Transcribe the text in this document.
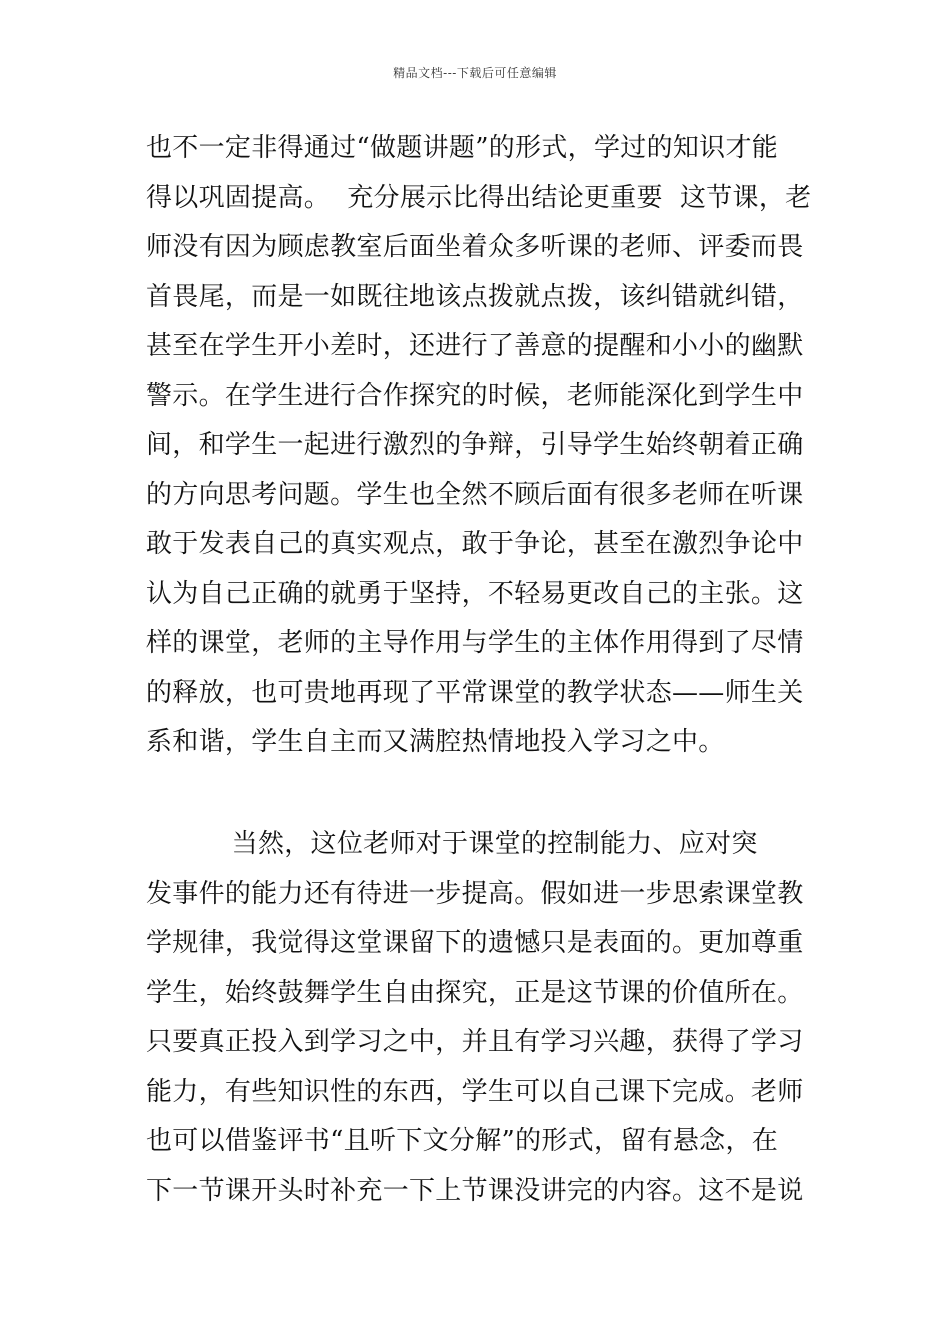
精品文档---下载后可任意编辑
也不一定非得通过“做题讲题”的形式，学过的知识才能
得以巩固提高。  充分展示比得出结论更重要  这节课，老
师没有因为顾虑教室后面坐着众多听课的老师、评委而畏
首畏尾，而是一如既往地该点拨就点拨，该纠错就纠错，
甚至在学生开小差时，还进行了善意的提醒和小小的幽默
警示。在学生进行合作探究的时候，老师能深化到学生中
间，和学生一起进行激烈的争辩，引导学生始终朝着正确
的方向思考问题。学生也全然不顾后面有很多老师在听课
敢于发表自己的真实观点，敢于争论，甚至在激烈争论中
认为自己正确的就勇于坚持，不轻易更改自己的主张。这
样的课堂，老师的主导作用与学生的主体作用得到了尽情
的释放，也可贵地再现了平常课堂的教学状态——师生关
系和谐，学生自主而又满腔热情地投入学习之中。
当然，这位老师对于课堂的控制能力、应对突
发事件的能力还有待进一步提高。假如进一步思索课堂教
学规律，我觉得这堂课留下的遗憾只是表面的。更加尊重
学生，始终鼓舞学生自由探究，正是这节课的价值所在。
只要真正投入到学习之中，并且有学习兴趣，获得了学习
能力，有些知识性的东西，学生可以自己课下完成。老师
也可以借鉴评书“且听下文分解”的形式，留有悬念，在
下一节课开头时补充一下上节课没讲完的内容。这不是说
